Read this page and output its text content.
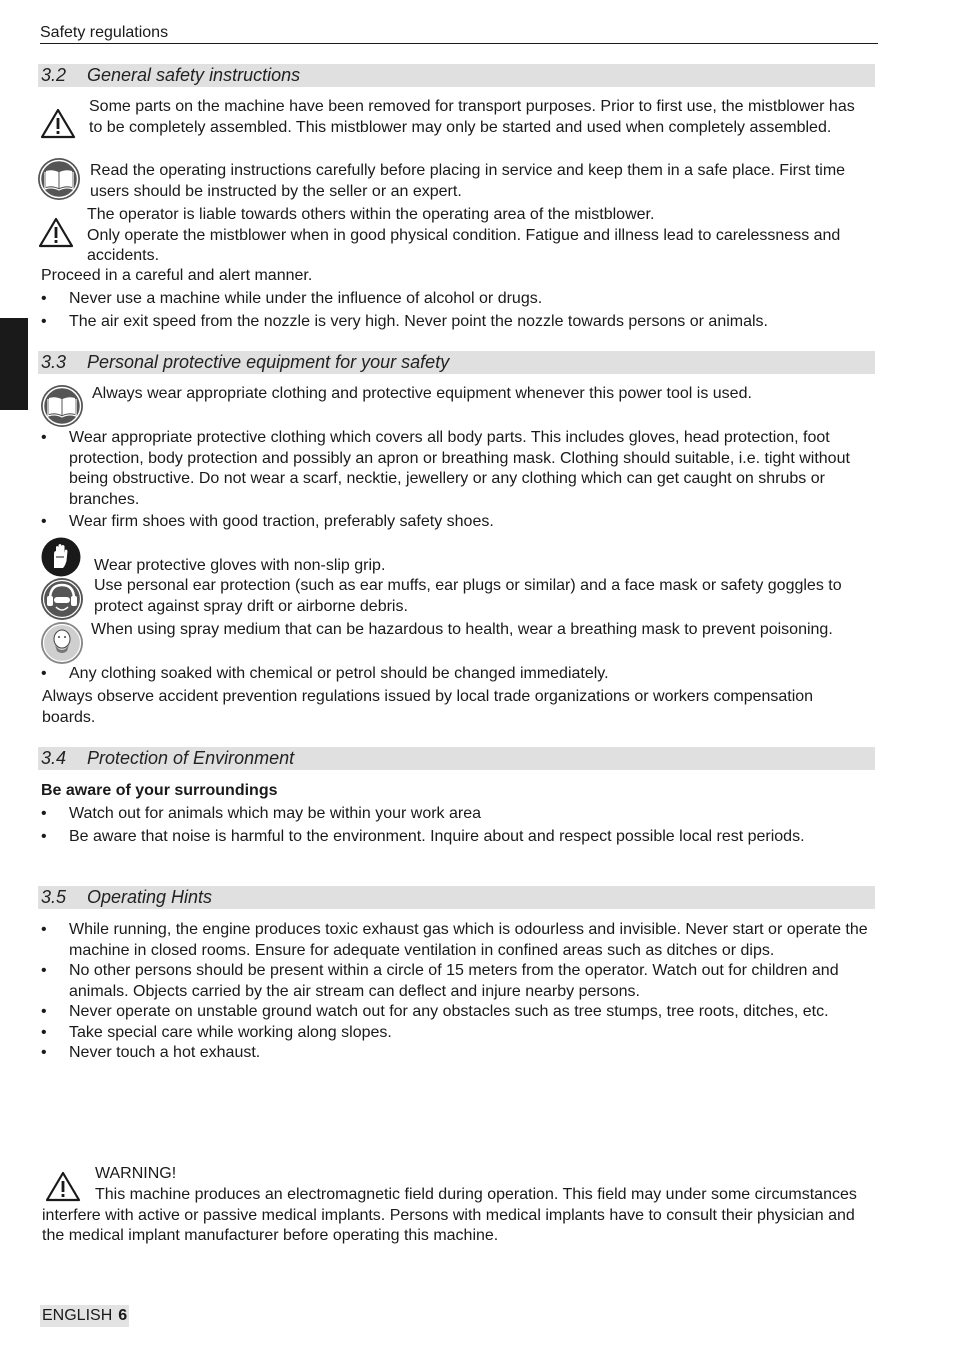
Safety regulations
3.2 General safety instructions
Some parts on the machine have been removed for transport purposes. Prior to first use, the mistblower has to be completely assembled. This mistblower may only be started and used when completely assembled.
Read the operating instructions carefully before placing in service and keep them in a safe place. First time users should be instructed by the seller or an expert.
The operator is liable towards others within the operating area of the mistblower.
Only operate the mistblower when in good physical condition. Fatigue and illness lead to carelessness and accidents.
Proceed in a careful and alert manner.
• Never use a machine while under the influence of alcohol or drugs.
• The air exit speed from the nozzle is very high. Never point the nozzle towards persons or animals.
3.3 Personal protective equipment for your safety
Always wear appropriate clothing and protective equipment whenever this power tool is used.
• Wear appropriate protective clothing which covers all body parts. This includes gloves, head protection, foot protection, body protection and possibly an apron or breathing mask. Clothing should suitable, i.e. tight without being obstructive. Do not wear a scarf, necktie, jewellery or any clothing which can get caught on shrubs or branches.
• Wear firm shoes with good traction, preferably safety shoes.
Wear protective gloves with non-slip grip.
Use personal ear protection (such as ear muffs, ear plugs or similar) and a face mask or safety goggles to protect against spray drift or airborne debris.
When using spray medium that can be hazardous to health, wear a breathing mask to prevent poisoning.
• Any clothing soaked with chemical or petrol should be changed immediately.
Always observe accident prevention regulations issued by local trade organizations or workers compensation boards.
3.4 Protection of Environment
Be aware of your surroundings
• Watch out for animals which may be within your work area
• Be aware that noise is harmful to the environment. Inquire about and respect possible local rest periods.
3.5 Operating Hints
• While running, the engine produces toxic exhaust gas which is odourless and invisible. Never start or operate the machine in closed rooms. Ensure for adequate ventilation in confined areas such as ditches or dips.
• No other persons should be present within a circle of 15 meters from the operator. Watch out for children and animals. Objects carried by the air stream can deflect and injure nearby persons.
• Never operate on unstable ground watch out for any obstacles such as tree stumps, tree roots, ditches, etc.
• Take special care while working along slopes.
• Never touch a hot exhaust.
WARNING!
This machine produces an electromagnetic field during operation. This field may under some circumstances interfere with active or passive medical implants. Persons with medical implants have to consult their physician and the medical implant manufacturer before operating this machine.
ENGLISH 6
